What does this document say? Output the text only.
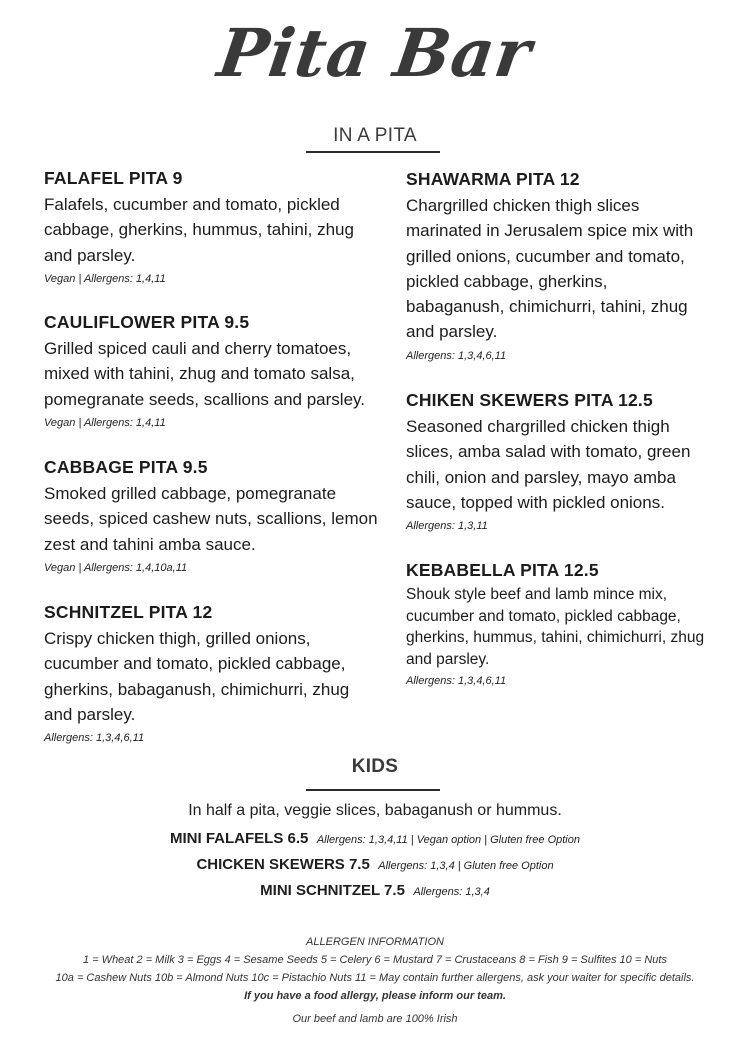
Pita Bar
IN A PITA
FALAFEL PITA 9
Falafels, cucumber and tomato, pickled cabbage, gherkins, hummus, tahini, zhug and parsley.
Vegan | Allergens: 1,4,11
CAULIFLOWER PITA 9.5
Grilled spiced cauli and cherry tomatoes, mixed with tahini, zhug and tomato salsa, pomegranate seeds, scallions and parsley.
Vegan | Allergens: 1,4,11
CABBAGE PITA 9.5
Smoked grilled cabbage, pomegranate seeds, spiced cashew nuts, scallions, lemon zest and tahini amba sauce.
Vegan | Allergens: 1,4,10a,11
SCHNITZEL PITA 12
Crispy chicken thigh, grilled onions, cucumber and tomato, pickled cabbage, gherkins, babaganush, chimichurri, zhug and parsley.
Allergens: 1,3,4,6,11
SHAWARMA PITA 12
Chargrilled chicken thigh slices marinated in Jerusalem spice mix with grilled onions, cucumber and tomato, pickled cabbage, gherkins, babaganush, chimichurri, tahini, zhug and parsley.
Allergens: 1,3,4,6,11
CHIKEN SKEWERS PITA 12.5
Seasoned chargrilled chicken thigh slices, amba salad with tomato, green chili, onion and parsley, mayo amba sauce, topped with pickled onions.
Allergens: 1,3,11
KEBABELLA PITA 12.5
Shouk style beef and lamb mince mix, cucumber and tomato, pickled cabbage, gherkins, hummus, tahini, chimichurri, zhug and parsley.
Allergens: 1,3,4,6,11
KIDS
In half a pita, veggie slices, babaganush or hummus.
MINI FALAFELS 6.5 Allergens: 1,3,4,11 | Vegan option | Gluten free Option
CHICKEN SKEWERS 7.5 Allergens: 1,3,4 | Gluten free Option
MINI SCHNITZEL 7.5 Allergens: 1,3,4
ALLERGEN INFORMATION
1 = Wheat 2 = Milk 3 = Eggs 4 = Sesame Seeds 5 = Celery 6 = Mustard 7 = Crustaceans 8 = Fish 9 = Sulfites 10 = Nuts
10a = Cashew Nuts 10b = Almond Nuts 10c = Pistachio Nuts 11 = May contain further allergens, ask your waiter for specific details.
If you have a food allergy, please inform our team.
Our beef and lamb are 100% Irish
